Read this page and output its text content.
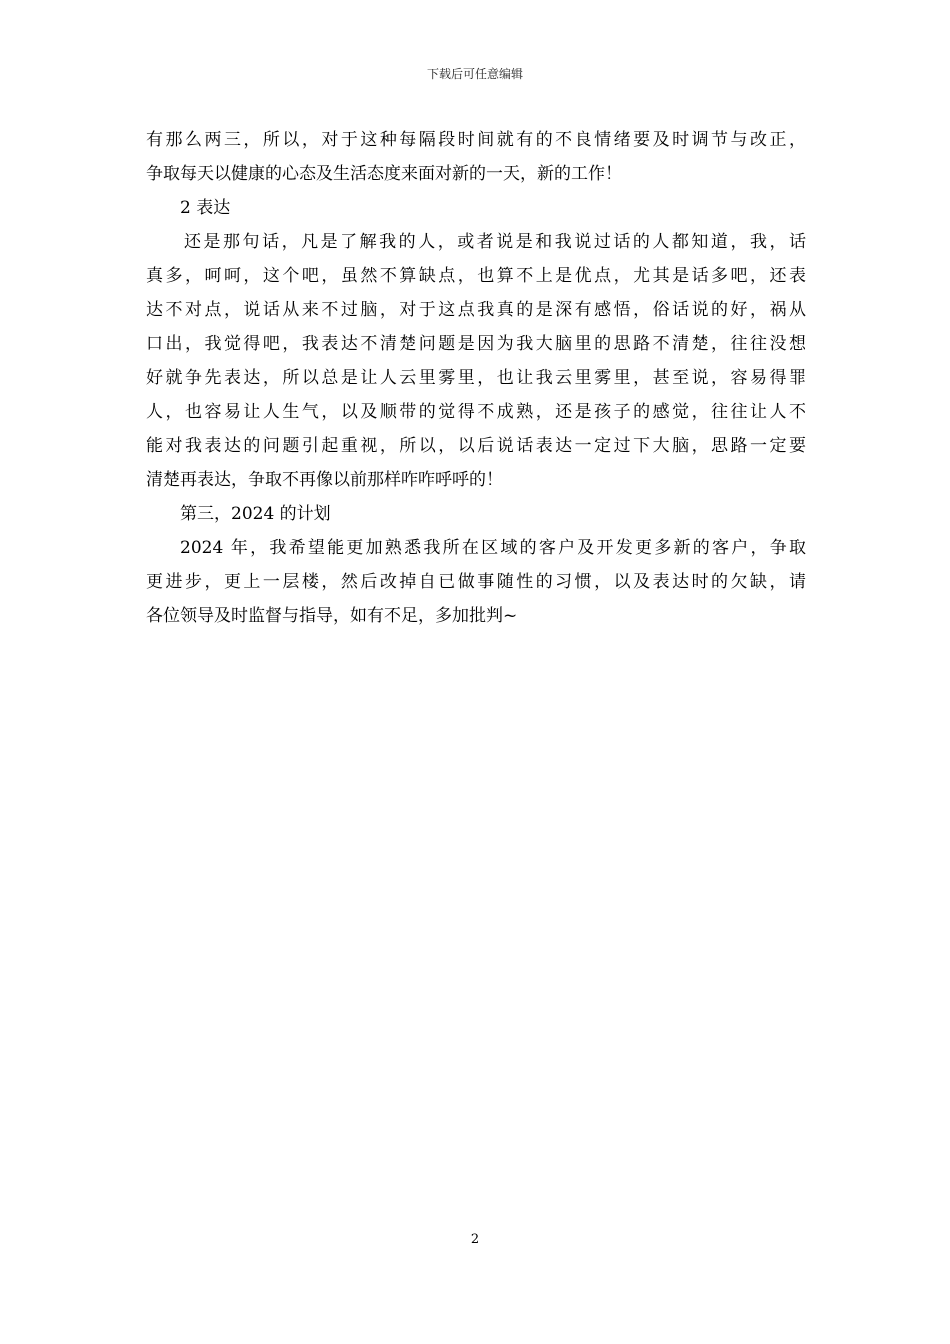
下载后可任意编辑
有那么两三，所以，对于这种每隔段时间就有的不良情绪要及时调节与改正，
争取每天以健康的心态及生活态度来面对新的一天，新的工作！
2 表达
还是那句话，凡是了解我的人，或者说是和我说过话的人都知道，我，话
真多，呵呵，这个吧，虽然不算缺点，也算不上是优点，尤其是话多吧，还表
达不对点，说话从来不过脑，对于这点我真的是深有感悟，俗话说的好，祸从
口出，我觉得吧，我表达不清楚问题是因为我大脑里的思路不清楚，往往没想
好就争先表达，所以总是让人云里雾里，也让我云里雾里，甚至说，容易得罪
人，也容易让人生气，以及顺带的觉得不成熟，还是孩子的感觉，往往让人不
能对我表达的问题引起重视，所以，以后说话表达一定过下大脑，思路一定要
清楚再表达，争取不再像以前那样咋咋呼呼的！
第三，2024 的计划
2024 年，我希望能更加熟悉我所在区域的客户及开发更多新的客户，争取
更进步，更上一层楼，然后改掉自已做事随性的习惯，以及表达时的欠缺，请
各位领导及时监督与指导，如有不足，多加批判~
2
